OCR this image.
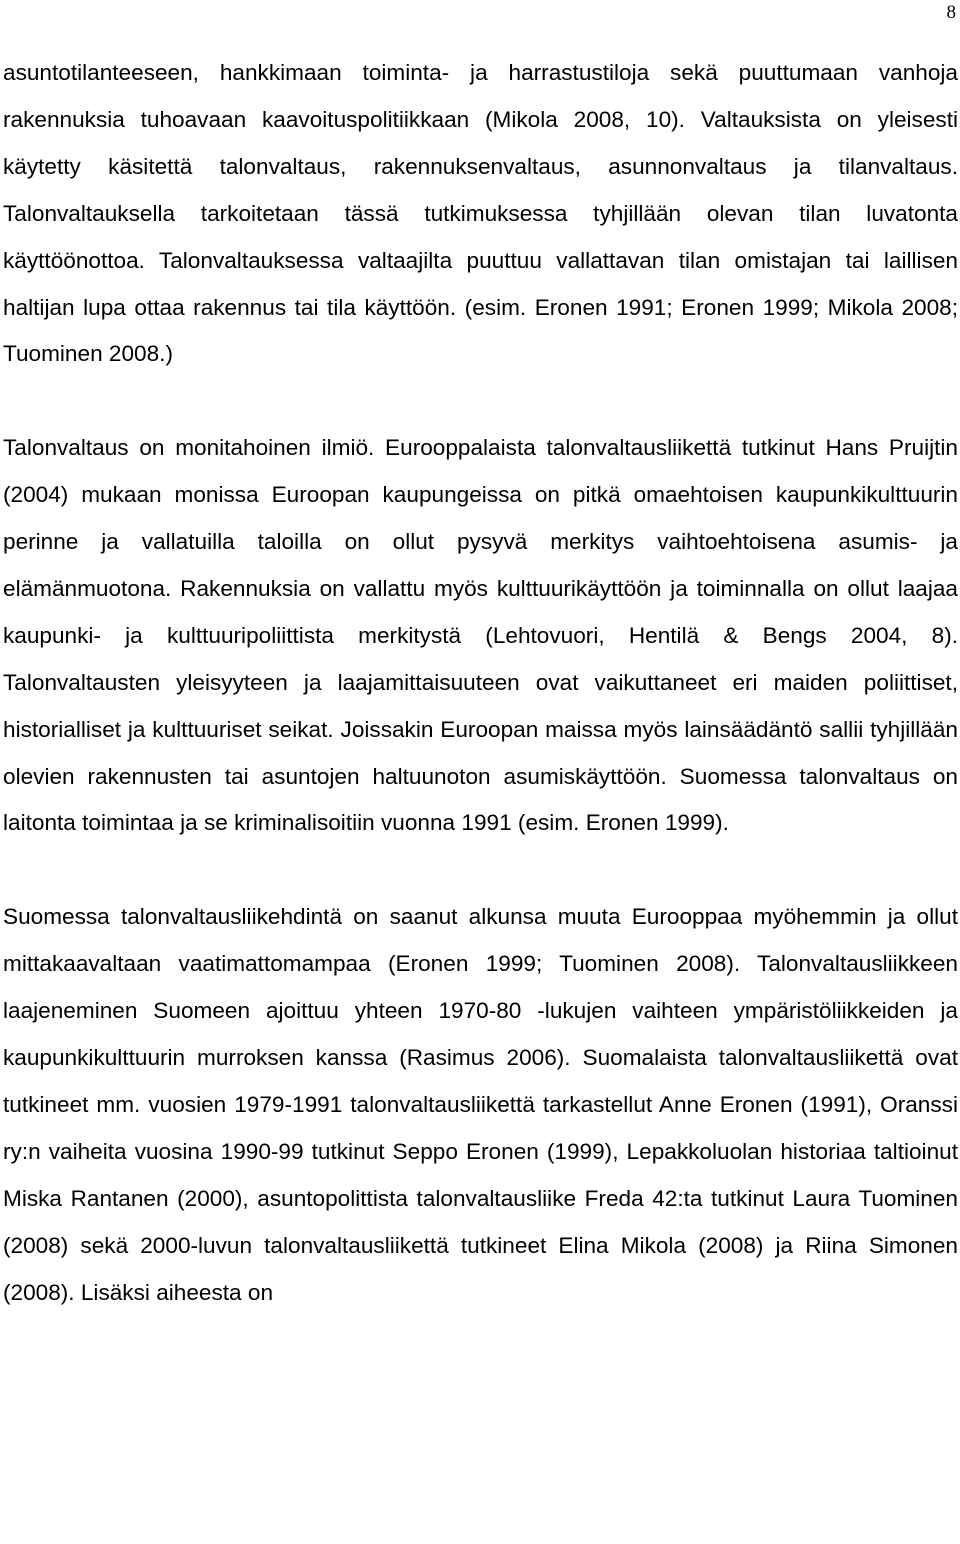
8

asuntotilanteeseen, hankkimaan toiminta- ja harrastustiloja sekä puuttumaan vanhoja rakennuksia tuhoavaan kaavoituspolitiikkaan (Mikola 2008, 10). Valtauksista on yleisesti käytetty käsitettä talonvaltaus, rakennuksenvaltaus, asunnonvaltaus ja tilanvaltaus. Talonvaltauksella tarkoitetaan tässä tutkimuksessa tyhjillään olevan tilan luvatonta käyttöönottoa. Talonvaltauksessa valtaajilta puuttuu vallattavan tilan omistajan tai laillisen haltijan lupa ottaa rakennus tai tila käyttöön. (esim. Eronen 1991; Eronen 1999; Mikola 2008; Tuominen 2008.)

Talonvaltaus on monitahoinen ilmiö. Eurooppalaista talonvaltausliikettä tutkinut Hans Pruijtin (2004) mukaan monissa Euroopan kaupungeissa on pitkä omaehtoisen kaupunkikulttuurin perinne ja vallatuilla taloilla on ollut pysyvä merkitys vaihtoehtoisena asumis- ja elämänmuotona. Rakennuksia on vallattu myös kulttuurikäyttöön ja toiminnalla on ollut laajaa kaupunki- ja kulttuuripoliittista merkitystä (Lehtovuori, Hentilä & Bengs 2004, 8). Talonvaltausten yleisyyteen ja laajamittaisuuteen ovat vaikuttaneet eri maiden poliittiset, historialliset ja kulttuuriset seikat. Joissakin Euroopan maissa myös lainsäädäntö sallii tyhjillään olevien rakennusten tai asuntojen haltuunoton asumiskäyttöön. Suomessa talonvaltaus on laitonta toimintaa ja se kriminalisoitiin vuonna 1991 (esim. Eronen 1999).

Suomessa talonvaltausliikehdintä on saanut alkunsa muuta Eurooppaa myöhemmin ja ollut mittakaavaltaan vaatimattomampaa (Eronen 1999; Tuominen 2008). Talonvaltausliikkeen laajeneminen Suomeen ajoittuu yhteen 1970-80 -lukujen vaihteen ympäristöliikkeiden ja kaupunkikulttuurin murroksen kanssa (Rasimus 2006). Suomalaista talonvaltausliikettä ovat tutkineet mm. vuosien 1979-1991 talonvaltausliikettä tarkastellut Anne Eronen (1991), Oranssi ry:n vaiheita vuosina 1990-99 tutkinut Seppo Eronen (1999), Lepakkoluolan historiaa taltioinut Miska Rantanen (2000), asuntopolittista talonvaltausliike Freda 42:ta tutkinut Laura Tuominen (2008) sekä 2000-luvun talonvaltausliikettä tutkineet Elina Mikola (2008) ja Riina Simonen (2008). Lisäksi aiheesta on
